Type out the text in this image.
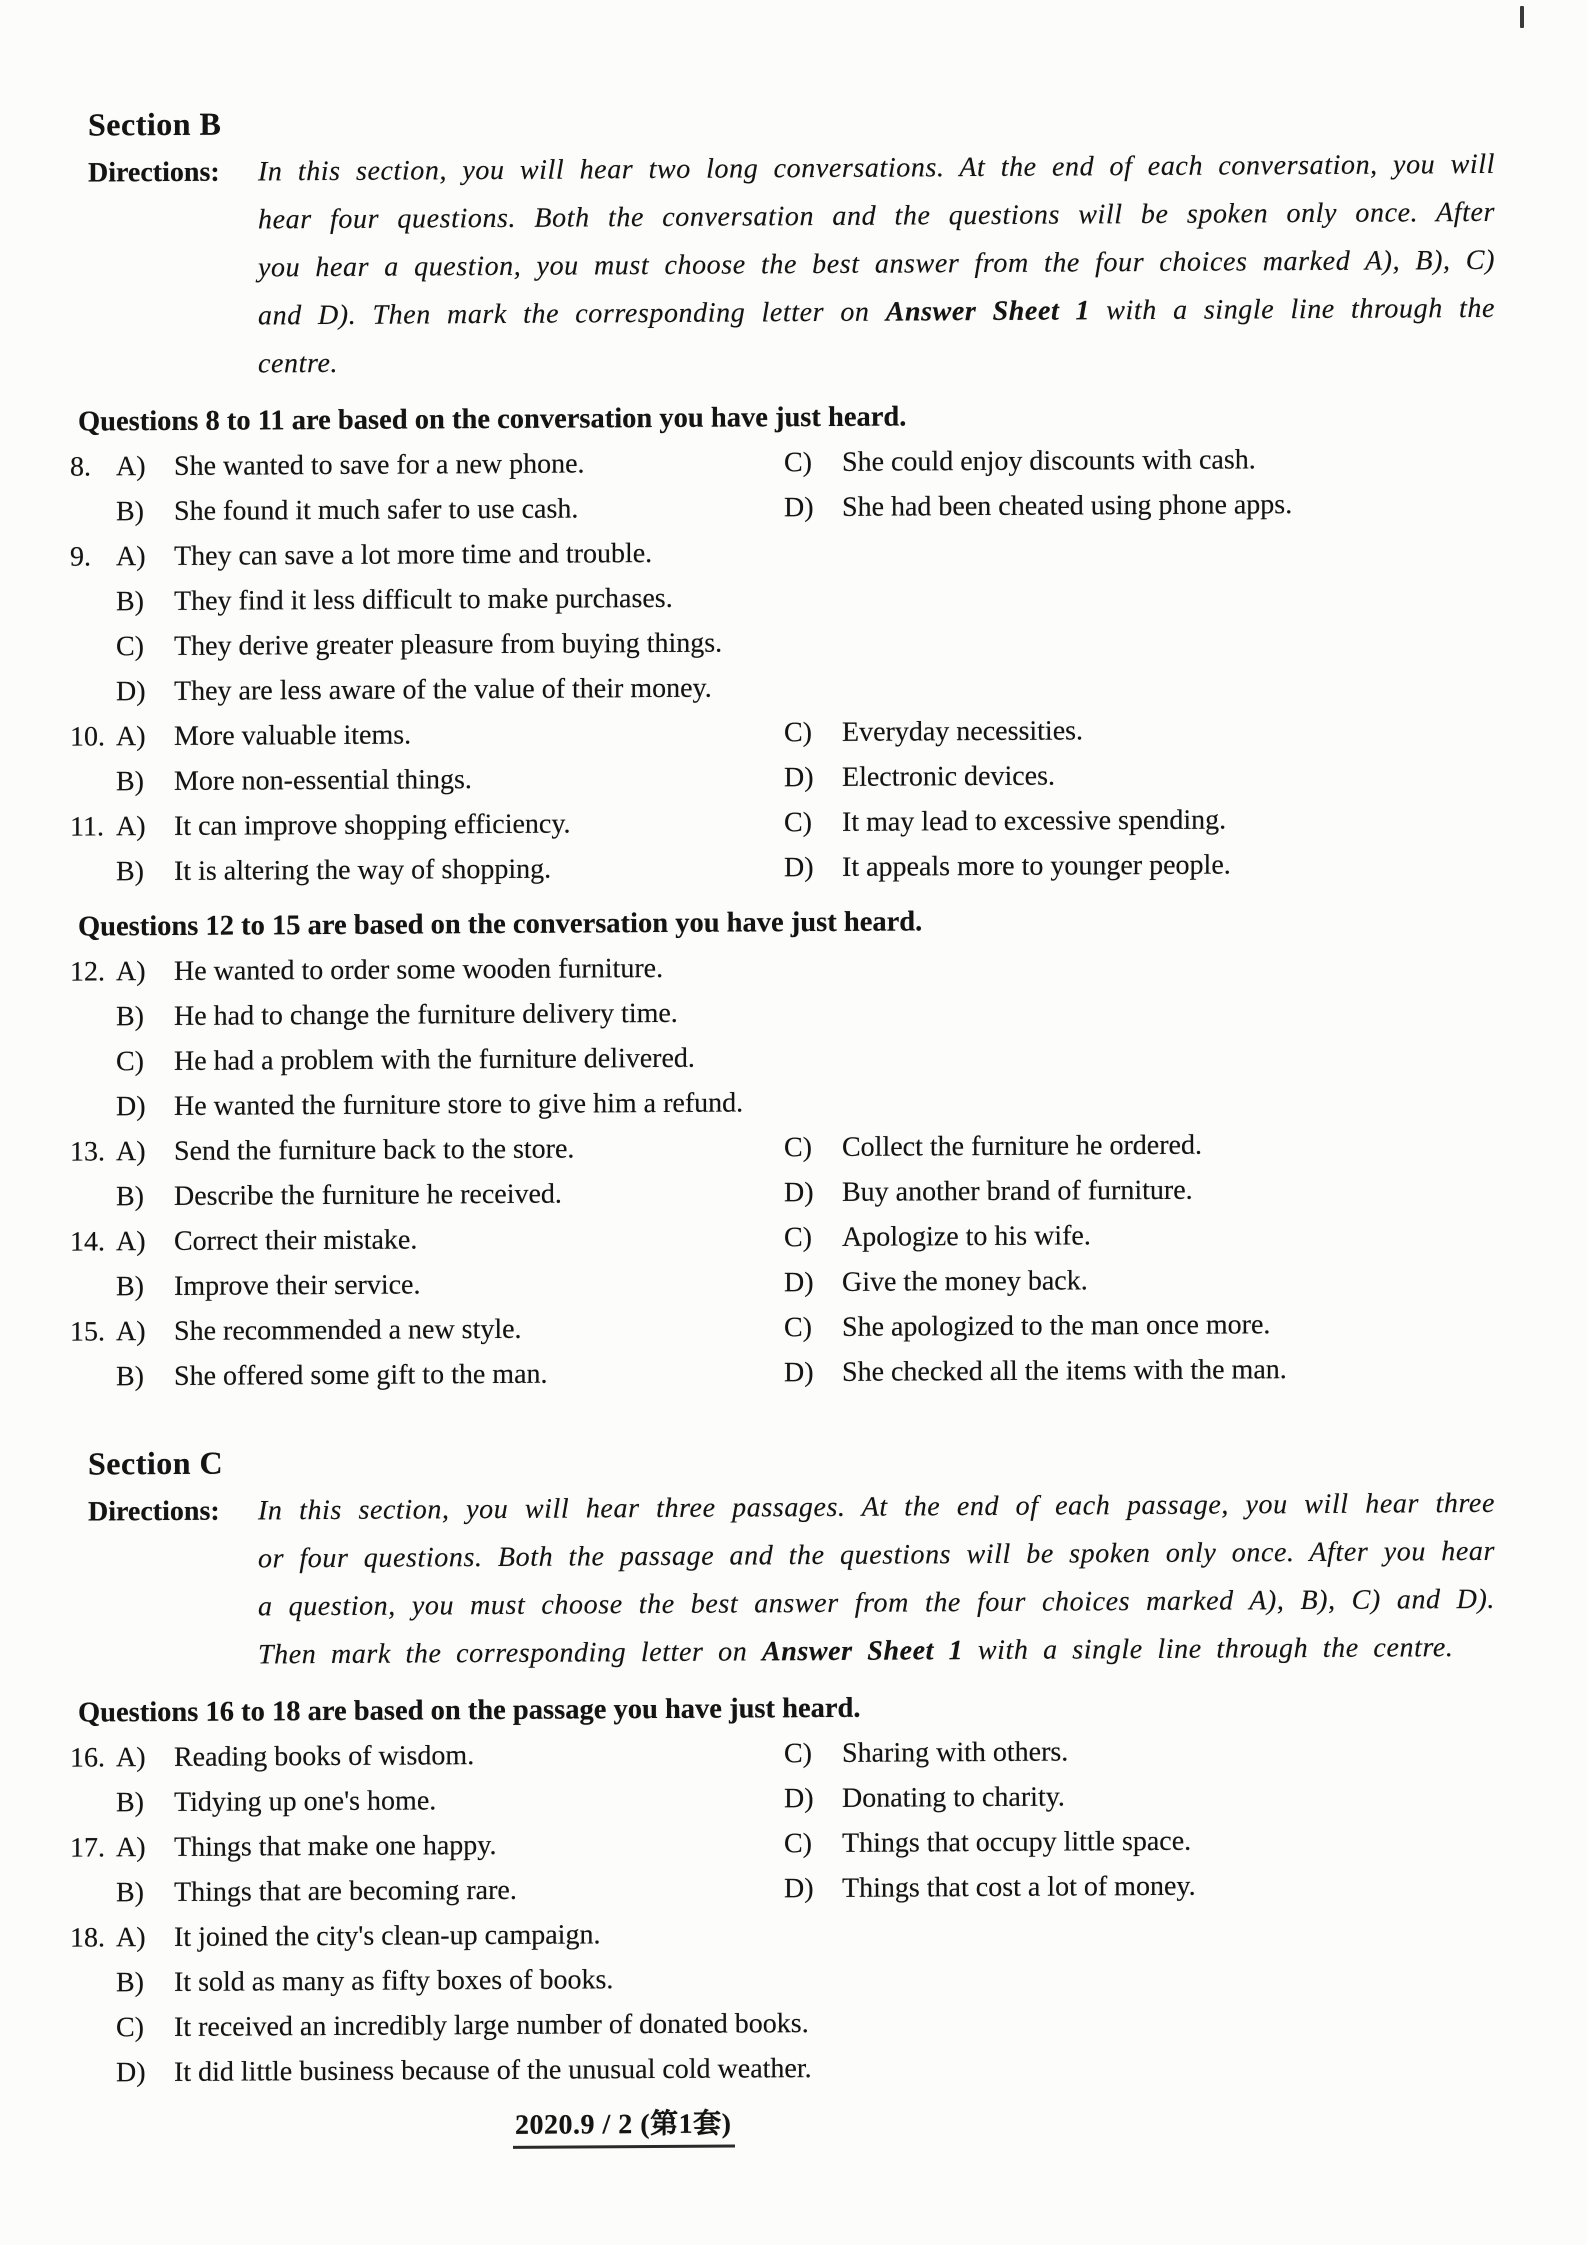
Section B
Directions:	In this section, you will hear two long conversations. At the end of each conversation, you will hear four questions. Both the conversation and the questions will be spoken only once. After you hear a question, you must choose the best answer from the four choices marked A), B), C) and D). Then mark the corresponding letter on Answer Sheet 1 with a single line through the centre.
Questions 8 to 11 are based on the conversation you have just heard.
8. A) She wanted to save for a new phone.	C) She could enjoy discounts with cash.
B) She found it much safer to use cash.	D) She had been cheated using phone apps.
9. A) They can save a lot more time and trouble.
B) They find it less difficult to make purchases.
C) They derive greater pleasure from buying things.
D) They are less aware of the value of their money.
10. A) More valuable items.	C) Everyday necessities.
B) More non-essential things.	D) Electronic devices.
11. A) It can improve shopping efficiency.	C) It may lead to excessive spending.
B) It is altering the way of shopping.	D) It appeals more to younger people.
Questions 12 to 15 are based on the conversation you have just heard.
12. A) He wanted to order some wooden furniture.
B) He had to change the furniture delivery time.
C) He had a problem with the furniture delivered.
D) He wanted the furniture store to give him a refund.
13. A) Send the furniture back to the store.	C) Collect the furniture he ordered.
B) Describe the furniture he received.	D) Buy another brand of furniture.
14. A) Correct their mistake.	C) Apologize to his wife.
B) Improve their service.	D) Give the money back.
15. A) She recommended a new style.	C) She apologized to the man once more.
B) She offered some gift to the man.	D) She checked all the items with the man.
Section C
Directions:	In this section, you will hear three passages. At the end of each passage, you will hear three or four questions. Both the passage and the questions will be spoken only once. After you hear a question, you must choose the best answer from the four choices marked A), B), C) and D). Then mark the corresponding letter on Answer Sheet 1 with a single line through the centre.
Questions 16 to 18 are based on the passage you have just heard.
16. A) Reading books of wisdom.	C) Sharing with others.
B) Tidying up one's home.	D) Donating to charity.
17. A) Things that make one happy.	C) Things that occupy little space.
B) Things that are becoming rare.	D) Things that cost a lot of money.
18. A) It joined the city's clean-up campaign.
B) It sold as many as fifty boxes of books.
C) It received an incredibly large number of donated books.
D) It did little business because of the unusual cold weather.
2020.9 / 2 (第1套)
